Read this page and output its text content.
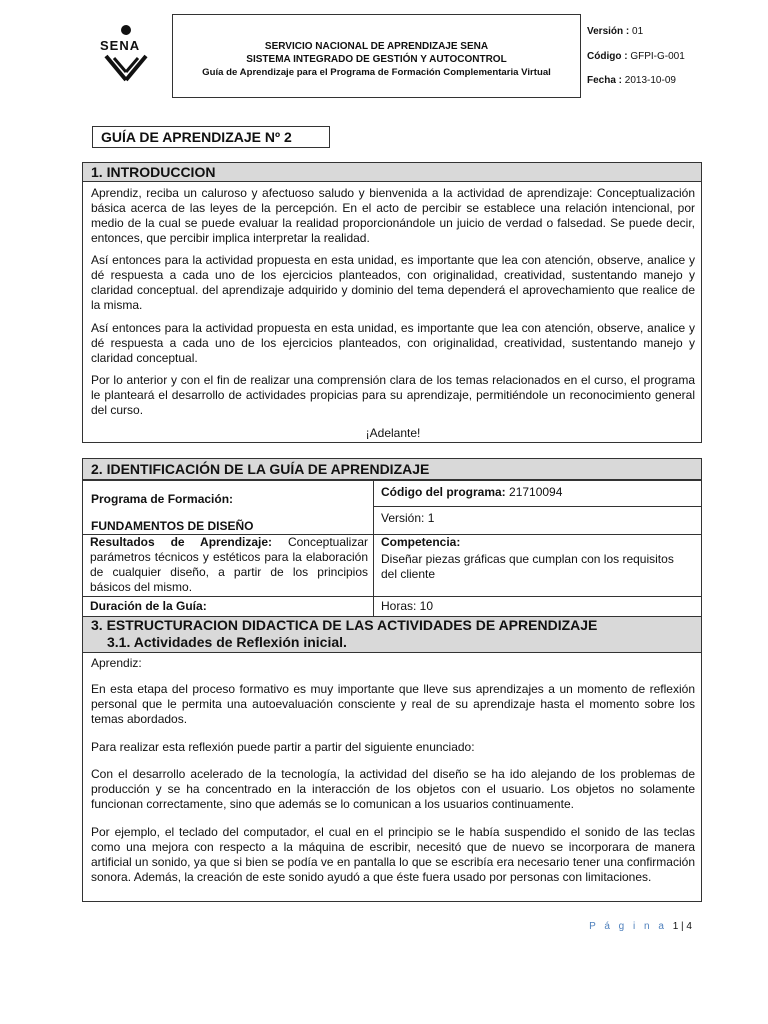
SENA	SERVICIO NACIONAL DE APRENDIZAJE SENA
SISTEMA INTEGRADO DE GESTIÓN Y AUTOCONTROL
Guía de Aprendizaje para el Programa de Formación Complementaria Virtual
Versión : 01
Código : GFPI-G-001
Fecha : 2013-10-09
GUÍA DE APRENDIZAJE Nº 2
1. INTRODUCCION

Aprendiz, reciba un caluroso y afectuoso saludo y bienvenida a la actividad de aprendizaje: Conceptualización básica acerca de las leyes de la percepción. En el acto de percibir se establece una relación intencional, por medio de la cual se puede evaluar la realidad proporcionándole un juicio de verdad o falsedad. Se puede decir, entonces, que percibir implica interpretar la realidad.

Así entonces para la actividad propuesta en esta unidad, es importante que lea con atención, observe, analice y dé respuesta a cada uno de los ejercicios planteados, con originalidad, creatividad, sustentando manejo y claridad conceptual. del aprendizaje adquirido y dominio del tema dependerá el aprovechamiento que realice de la misma.

Así entonces para la actividad propuesta en esta unidad, es importante que lea con atención, observe, analice y dé respuesta a cada uno de los ejercicios planteados, con originalidad, creatividad, sustentando manejo y claridad conceptual.

Por lo anterior y con el fin de realizar una comprensión clara de los temas relacionados en el curso, el programa le planteará el desarrollo de actividades propicias para su aprendizaje, permitiéndole un reconocimiento general del curso.

¡Adelante!

2. IDENTIFICACIÓN DE LA GUÍA DE APRENDIZAJE
Programa de Formación:
FUNDAMENTOS DE DISEÑO
Código del programa: 21710094
Versión: 1

Resultados de Aprendizaje: Conceptualizar parámetros técnicos y estéticos para la elaboración de cualquier diseño, a partir de los principios básicos del mismo.

Competencia:

Diseñar piezas gráficas que cumplan con los requisitos del cliente

Duración de la Guía:	Horas: 10
3. ESTRUCTURACION DIDACTICA DE LAS ACTIVIDADES DE APRENDIZAJE
3.1. Actividades de Reflexión inicial.

Aprendiz:

En esta etapa del proceso formativo es muy importante que lleve sus aprendizajes a un momento de reflexión personal que le permita una autoevaluación consciente y real de su aprendizaje hasta el momento sobre los temas abordados.

Para realizar esta reflexión puede partir a partir del siguiente enunciado:

Con el desarrollo acelerado de la tecnología, la actividad del diseño se ha ido alejando de los problemas de producción y se ha concentrado en la interacción de los objetos con el usuario. Los objetos no solamente funcionan correctamente, sino que además se lo comunican a los usuarios continuamente.

Por ejemplo, el teclado del computador, el cual en el principio se le había suspendido el sonido de las teclas como una mejora con respecto a la máquina de escribir, necesitó que de nuevo se incorporara de manera artificial un sonido, ya que si bien se podía ve en pantalla lo que se escribía era necesario tener una confirmación sonora. Además, la creación de este sonido ayudó a que éste fuera usado por personas con limitaciones.

P á g i n a 1 | 4
